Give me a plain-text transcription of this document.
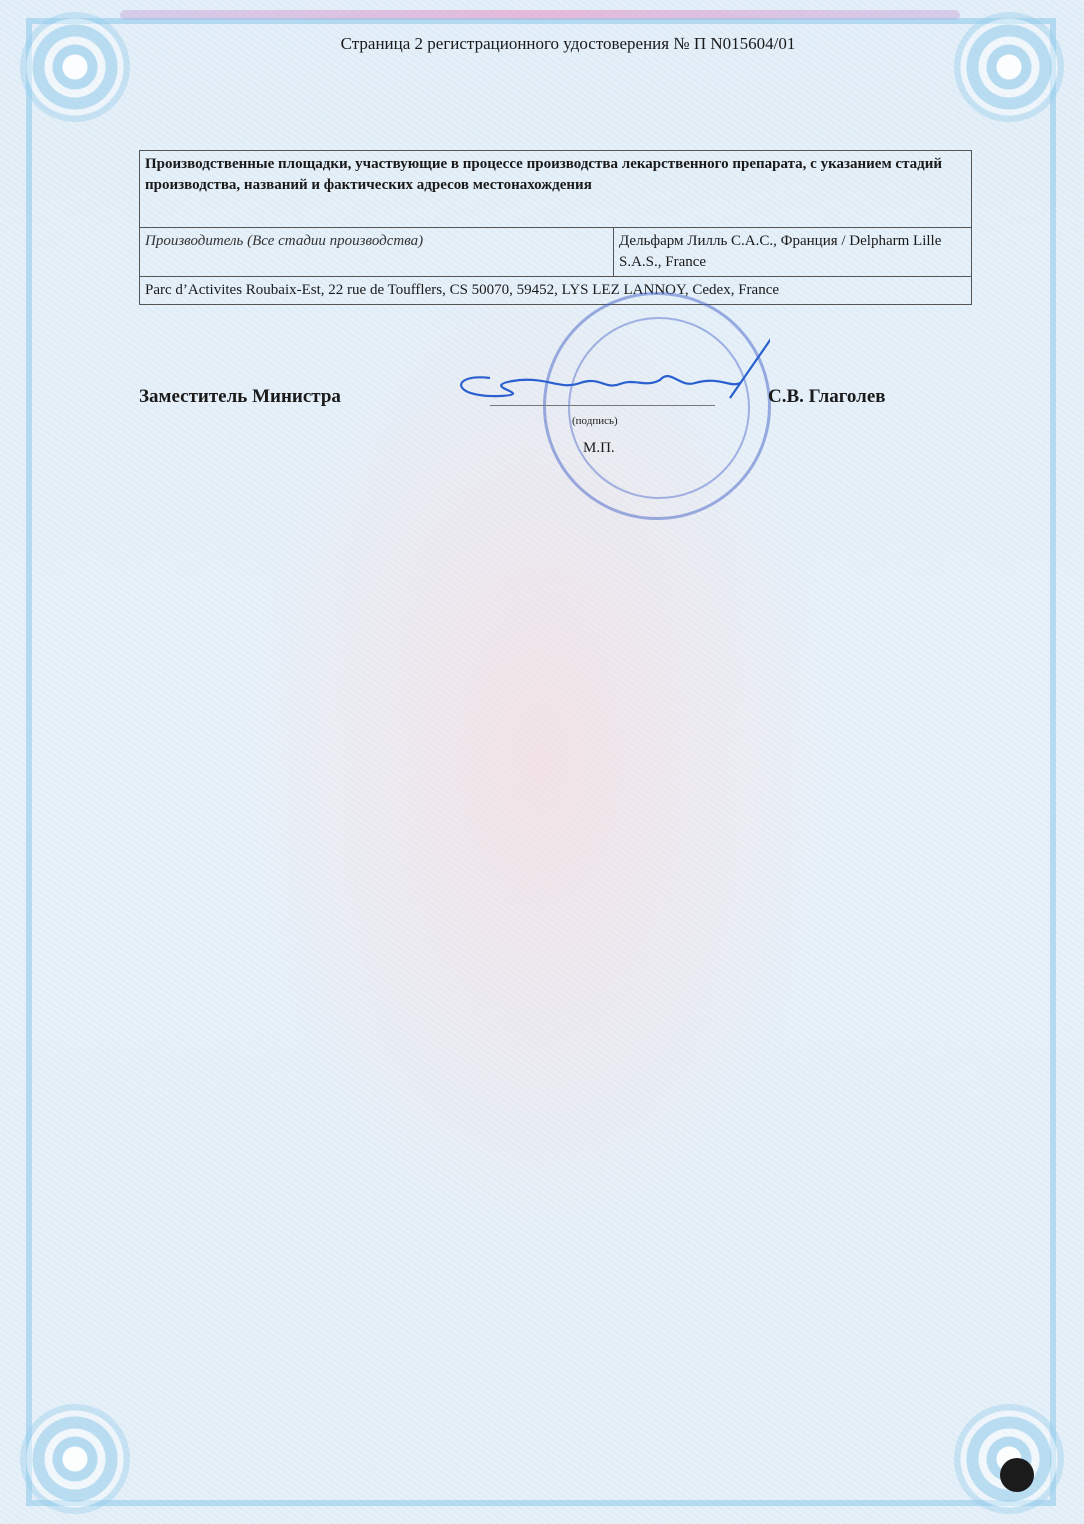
Страница 2 регистрационного удостоверения № П N015604/01
Производственные площадки, участвующие в процессе производства лекарственного препарата, с указанием стадий производства, названий и фактических адресов местонахождения
Производитель (Все стадии производства)	Дельфарм Лилль С.А.С., Франция / Delpharm Lille S.A.S., France
Parc d’Activites Roubaix-Est, 22 rue de Toufflers, CS 50070, 59452, LYS LEZ LANNOY, Cedex, France
Заместитель Министра	С.В. Глаголев
(подпись)
М.П.
